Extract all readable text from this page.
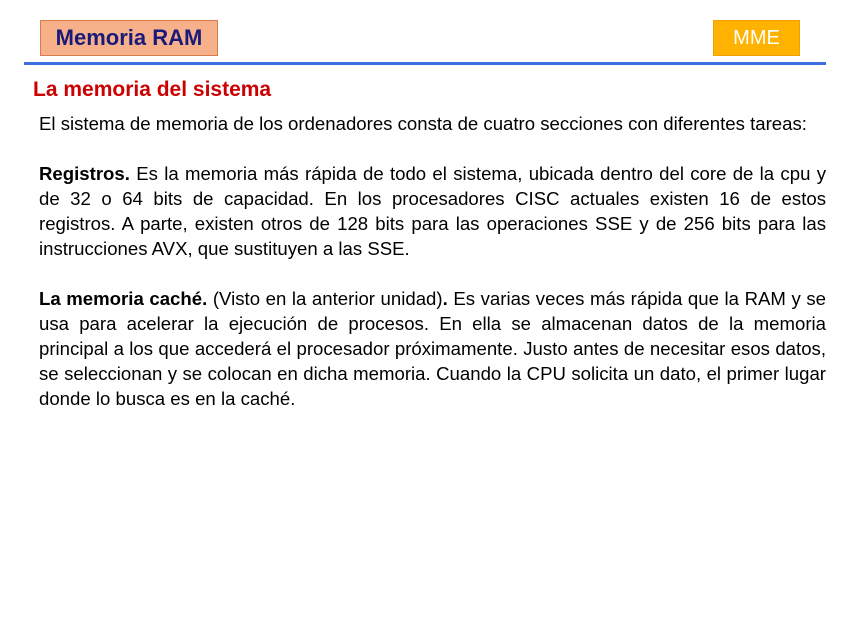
Memoria RAM	MME
La memoria del sistema

El sistema de memoria de los ordenadores consta de cuatro secciones con diferentes tareas:

Registros. Es la memoria más rápida de todo el sistema, ubicada dentro del core de la cpu y de 32 o 64 bits de capacidad. En los procesadores CISC actuales existen 16 de estos registros. A parte, existen otros de 128 bits para las operaciones SSE y de 256 bits para las instrucciones AVX, que sustituyen a las SSE.

La memoria caché. (Visto en la anterior unidad). Es varias veces más rápida que la RAM y se usa para acelerar la ejecución de procesos. En ella se almacenan datos de la memoria principal a los que accederá el procesador próximamente. Justo antes de necesitar esos datos, se seleccionan y se colocan en dicha memoria. Cuando la CPU solicita un dato, el primer lugar donde lo busca es en la caché.
